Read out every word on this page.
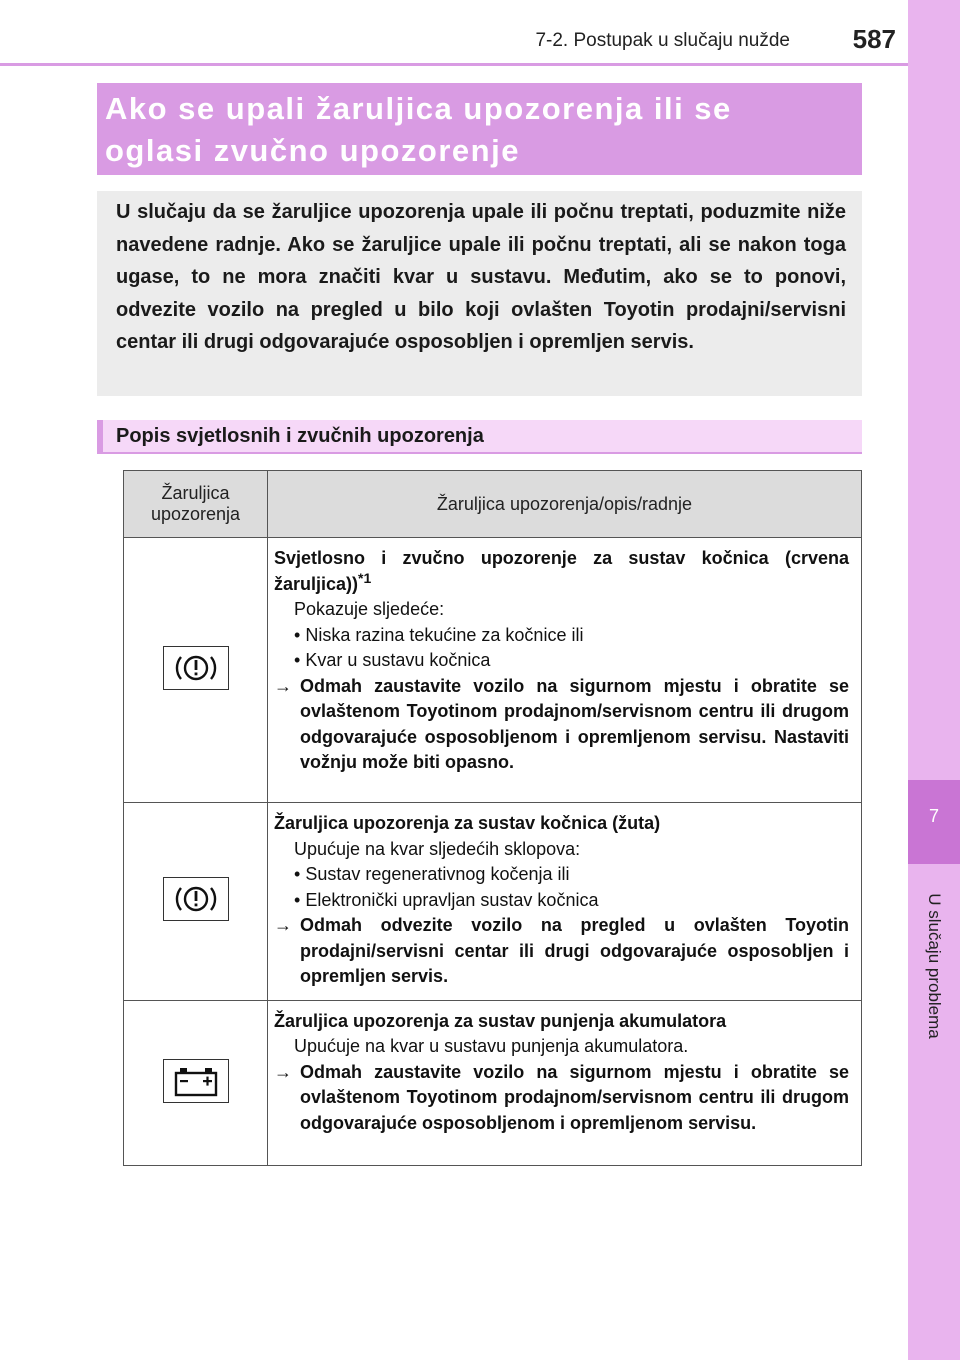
7-2. Postupak u slučaju nužde	587
7
U slučaju problema
Ako se upali žaruljica upozorenja ili se
oglasi zvučno upozorenje
U slučaju da se žaruljice upozorenja upale ili počnu treptati, poduzmite niže navedene radnje. Ako se žaruljice upale ili počnu treptati, ali se nakon toga ugase, to ne mora značiti kvar u sustavu. Međutim, ako se to ponovi, odvezite vozilo na pregled u bilo koji ovlašten Toyotin prodajni/servisni centar ili drugi odgovarajuće osposobljen i opremljen servis.
Popis svjetlosnih i zvučnih upozorenja
Žaruljica upozorenja	Žaruljica upozorenja/opis/radnje

Svjetlosno i zvučno upozorenje za sustav kočnica (crvena žaruljica))$^{*1}$
Pokazuje sljedeće:
• Niska razina tekućine za kočnice ili
• Kvar u sustavu kočnica
→ Odmah zaustavite vozilo na sigurnom mjestu i obratite se ovlaštenom Toyotinom prodajnom/servisnom centru ili drugom odgovarajuće osposobljenom i opremljenom servisu. Nastaviti vožnju može biti opasno.

Žaruljica upozorenja za sustav kočnica (žuta)
Upućuje na kvar sljedećih sklopova:
• Sustav regenerativnog kočenja ili
• Elektronički upravljan sustav kočnica
→ Odmah odvezite vozilo na pregled u ovlašten Toyotin prodajni/servisni centar ili drugi odgovarajuće osposobljen i opremljen servis.

Žaruljica upozorenja za sustav punjenja akumulatora
Upućuje na kvar u sustavu punjenja akumulatora.
→ Odmah zaustavite vozilo na sigurnom mjestu i obratite se ovlaštenom Toyotinom prodajnom/servisnom centru ili drugom odgovarajuće osposobljenom i opremljenom servisu.
